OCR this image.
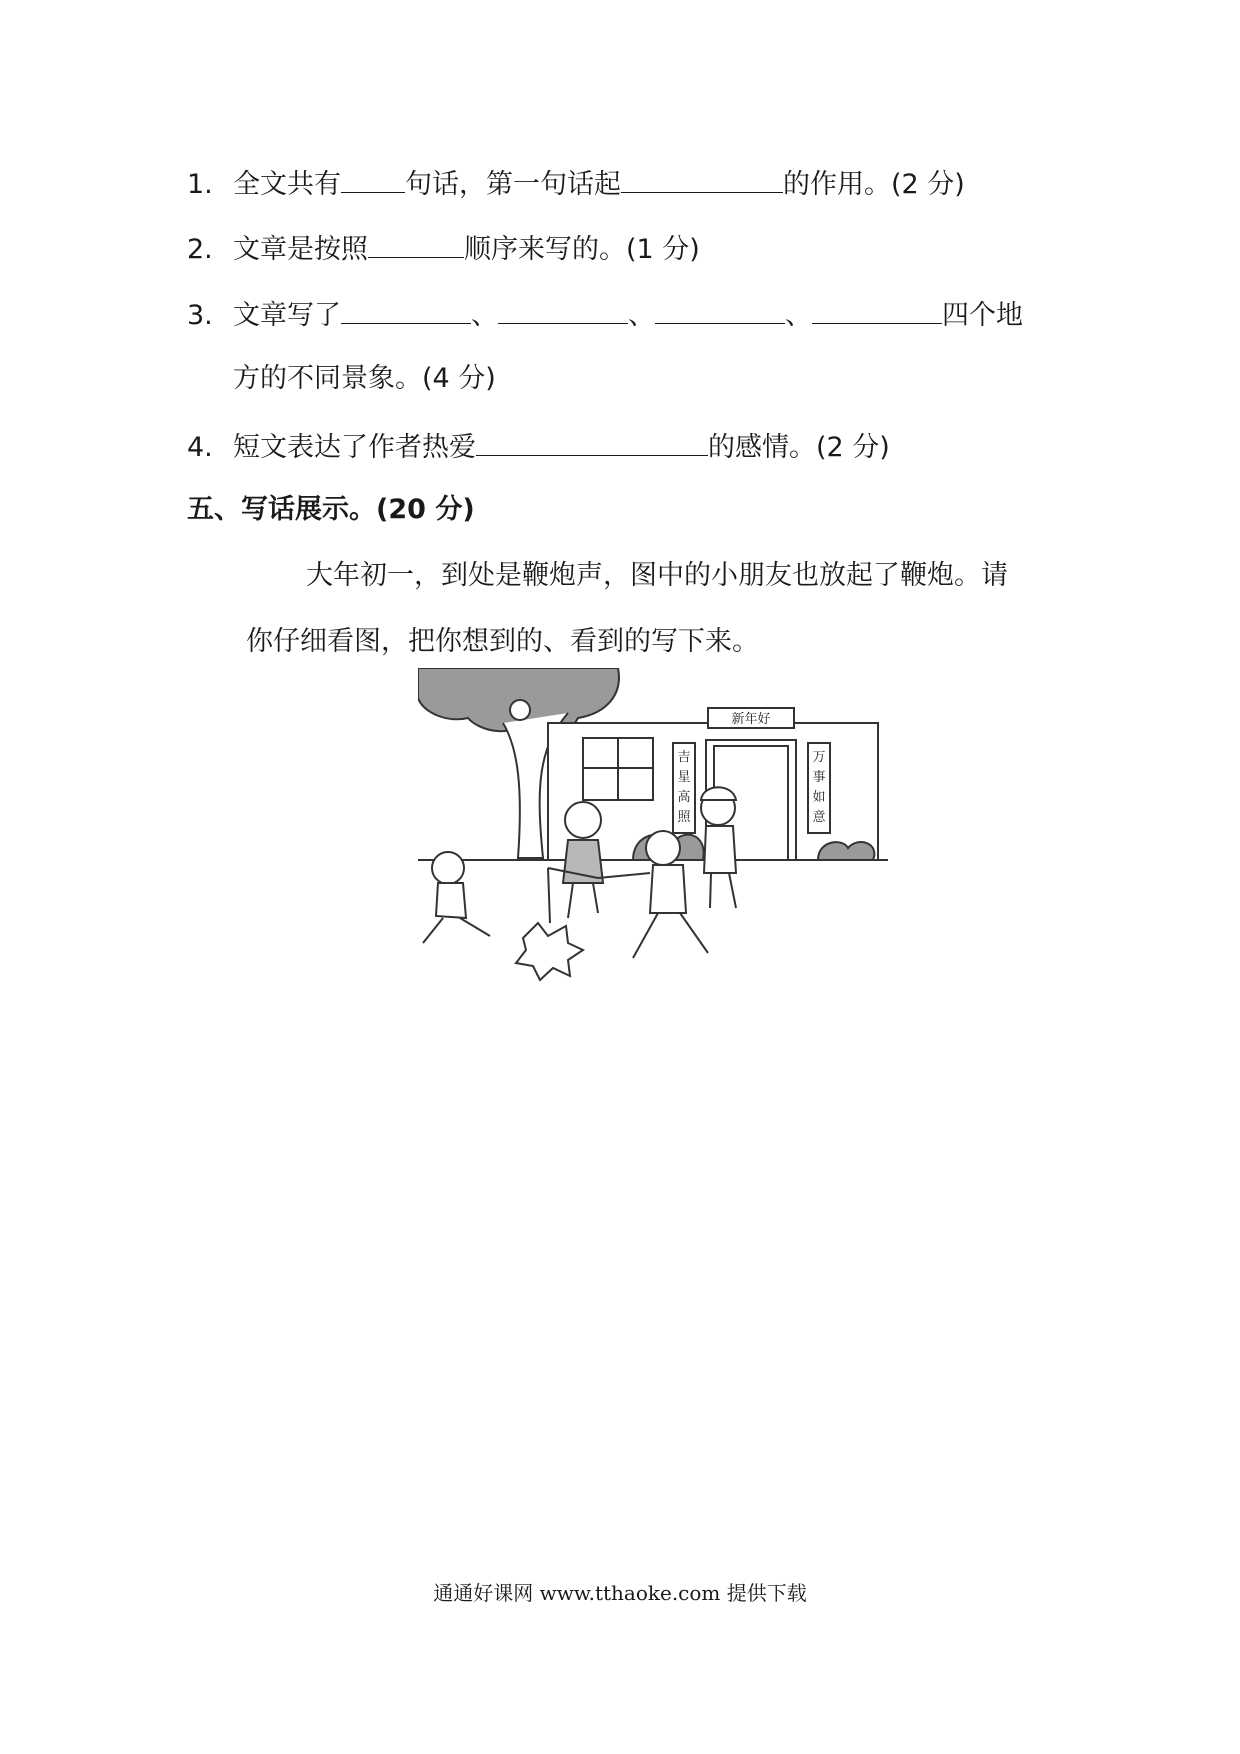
1. 全文共有 句话，第一句话起	的作用。(2 分)
2. 文章是按照	顺序来写的。(1 分)
3. 文章写了	、	、	、	四个地
方的不同景象。(4 分)
4. 短文表达了作者热爱	的感情。(2 分)
五、写话展示。(20 分)
大年初一，到处是鞭炮声，图中的小朋友也放起了鞭炮。请
你仔细看图，把你想到的、看到的写下来。
新年好
吉
星
高
照
万
事
如
意
通通好课网 www.tthaoke.com 提供下载
